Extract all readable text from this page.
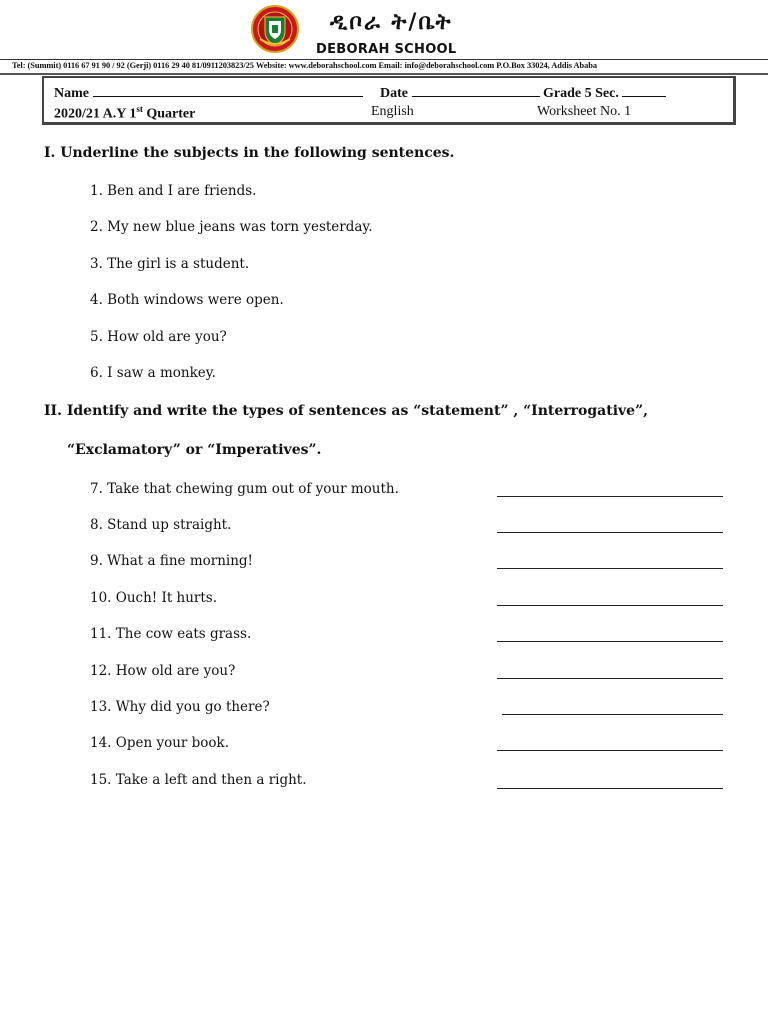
ዲቦራ ት/ቤት
DEBORAH SCHOOL
Tel: (Summit) 0116 67 91 90 / 92 (Gerji) 0116 29 40 81/0911203823/25 Website: www.deborahschool.com Email: info@deborahschool.com P.O.Box 33024, Addis Ababa
Name	Date	Grade 5 Sec.
2020/21 A.Y 1st Quarter	English	Worksheet No. 1
I. Underline the subjects in the following sentences.
1. Ben and I are friends.
2. My new blue jeans was torn yesterday.
3. The girl is a student.
4. Both windows were open.
5. How old are you?
6. I saw a monkey.
II. Identify and write the types of sentences as “statement” , “Interrogative”,
“Exclamatory” or “Imperatives”.
7. Take that chewing gum out of your mouth.
8. Stand up straight.
9. What a fine morning!
10. Ouch! It hurts.
11. The cow eats grass.
12. How old are you?
13. Why did you go there?
14. Open your book.
15. Take a left and then a right.
